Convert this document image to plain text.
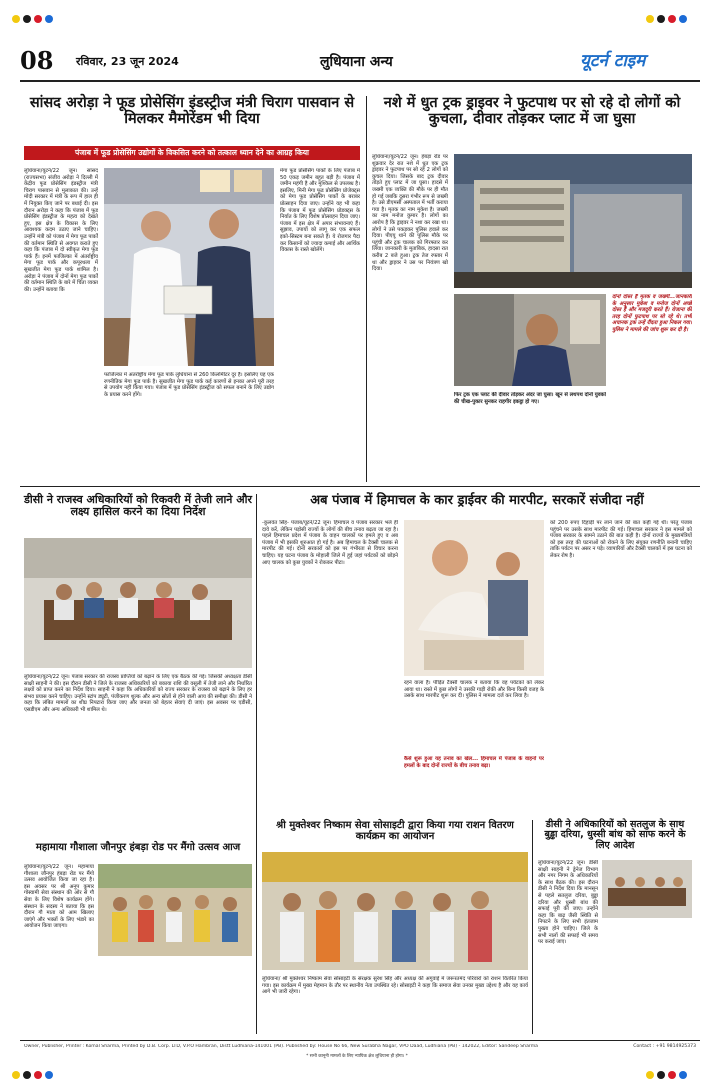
08 रविवार, 23 जून 2024	लुधियाना अन्य	यूटर्न टाइम
सांसद अरोड़ा ने फूड प्रोसेसिंग इंडस्ट्रीज मंत्री चिराग पासवान से मिलकर मैमोरेंडम भी दिया
पंजाब में फूड प्रोसेसिंग उद्योगों के विकसित करने को तत्काल ध्यान देने का आग्रह किया
लुधियाना/यूटर्न/22 जून। सांसद (राज्यसभा) संजीव अरोड़ा ने दिल्ली में केंद्रीय फूड प्रोसेसिंग इंडस्ट्रीज मंत्री चिराग पासवान से मुलाकात की। उन्हें मोदी सरकार में मंत्री के रूप में हाल ही में नियुक्त किए जाने पर बधाई दी। इस दौरान अरोड़ा ने कहा कि पंजाब में फूड प्रोसेसिंग इंडस्ट्रीज के महत्व को देखते हुए, इस क्षेत्र के विकास के लिए आवश्यक कदम उठाए जाने चाहिए। उन्होंने मंत्री को पंजाब में मेगा फूड पार्कों की वर्तमान स्थिति से अवगत कराते हुए कहा कि पंजाब में दो स्वीकृत मेगा फूड पार्क हैं। इनमें फाजिल्का में अंतर्राष्ट्रीय मेगा फूड पार्क और कपूरथला में सुखजीत मेगा फूड पार्क शामिल है। अरोड़ा ने पंजाब में दोनों मेगा फूड पार्कों की वर्तमान स्थिति के बारे में चिंता व्यक्त की। उन्होंने बताया कि
मेगा फूड प्रोसेसिंग पार्कों के लिए पंजाब में 50 एकड़ जमीन बहुत बड़ी है। पंजाब में जमीन महंगी है और मुश्किल से उपलब्ध है। इसलिए, मिनी मेगा फूड प्रोसेसिंग प्रोजेक्ट्स को मेगा फूड प्रोसेसिंग पार्कों के बराबर प्रोत्साहन दिया जाए। उन्होंने यह भी कहा कि पंजाब में फूड प्रोसेसिंग प्रोडक्ट्स के निर्यात के लिए विशेष प्रोत्साहन दिया जाए। पंजाब में इस क्षेत्र में अपार संभावनाएं हैं। सुझाव, उपायों को लागू कर एक सफल इको-सिस्टम बना सकते हैं। ये रोजगार पैदा कर किसानों को ज्यादा कमाई और आर्थिक विकास के रास्ते खोलेंगे।
फाजिल्का में अंतर्राष्ट्रीय मेगा फूड पार्क लुधियाना से 260 किलोमीटर दूर है। इसलिए यह एक रणनीतिक मेगा फूड पार्क है। सुखजीत मेगा फूड पार्क कई कारणों से इनका अपने पूरी तरह से उपयोग नहीं किया गया। पंजाब में फूड प्रोसेसिंग इंडस्ट्रीज को सफल बनाने के लिए उद्योग के प्रयास करने होंगे।
नशे में धुत ट्रक ड्राइवर ने फुटपाथ पर सो रहे दो लोगों को कुचला, दीवार तोड़कर प्लाट में जा घुसा
लुधियाना/यूटर्न/22 जून। हंबड़ा रोड पर शुक्रवार देर रात नशे में धुत एक ट्रक ड्राइवर ने फुटपाथ पर सो रहे 2 लोगों को कुचल दिया। जिसके बाद ट्रक दीवार तोड़ते हुए प्लाट में जा घुसा। हादसे में जख्मी एक व्यक्ति की मौके पर ही मौत हो गई जबकि दूसरा गंभीर रूप से जख्मी है। उसे डीएमसी अस्पताल में भर्ती कराया गया है। मृतक का नाम मुकेश है। जख्मी का नाम मनोज कुमार है। लोगों का आरोप है कि ड्राइवर ने नशा कर रखा था। लोगों ने उसे पकड़कर पुलिस हवाले कर दिया। पीएयू थाने की पुलिस मौके पर पहुंची और ट्रक चालक को गिरफ्तार कर लिया। जानकारी के मुताबिक, हादसा रात करीब 2 बजे हुआ। ट्रक तेज रफ्तार में था और ड्राइवर ने उस पर नियंत्रण खो दिया।
फिर ट्रक एक प्लाट की दीवार तोड़कर अंदर जा घुसा। खून से लथपथ दोनों युवकों की चीख-पुकार सुनकर राहगीर इकट्ठा हो गए।
दोनों दोस्त हैं मृतक व जख्मी...जानकारी के अनुसार मुकेश व मनोज दोनों अच्छे दोस्त हैं और मजदूरी करते हैं। रोजाना की तरह दोनों फुटपाथ पर सो रहे थे। तभी अचानक ट्रक उन्हें रौंदता हुआ निकल गया। पुलिस ने मामले की जांच शुरू कर दी है।
डीसी ने राजस्व अधिकारियों को रिकवरी में तेजी लाने और लक्ष्य हासिल करने का दिया निर्देश
लुधियाना/यूटर्न/22 जून। पंजाब सरकार की राजस्व प्राप्तियों को बढ़ाने के लिए एक बैठक की गई। जिसकी अध्यक्षता डीसी साक्षी साहनी ने की। इस दौरान डीसी ने जिले के राजस्व अधिकारियों को बकाया राशि की वसूली में तेजी लाने और निर्धारित लक्ष्यों को प्राप्त करने का निर्देश दिया। साहनी ने कहा कि अधिकारियों को राज्य सरकार के राजस्व को बढ़ाने के लिए हर संभव प्रयास करने चाहिए। उन्होंने स्टांप ड्यूटी, पंजीकरण शुल्क और अन्य स्रोतों से होने वाली आय की समीक्षा की। डीसी ने कहा कि लंबित मामलों का शीघ्र निपटारा किया जाए और जनता को बेहतर सेवाएं दी जाएं। इस अवसर पर एडीसी, एसडीएम और अन्य अधिकारी भी शामिल थे।
अब पंजाब में हिमाचल के कार ड्राईवर की मारपीट, सरकारें संजीदा नहीं
-कुलवंत सिंह- पंजाब/यूटर्न/22 जून। हिमाचल व पंजाब सरकार भले ही दावे करें, लेकिन पड़ोसी राज्यों के लोगों की बीच तनाव बढ़ता जा रहा है। पहले हिमाचल प्रदेश में पंजाब के वाहन चालकों पर हमले हुए व अब पंजाब में भी इसकी शुरुआत हो गई है। अब हिमाचल के टैक्सी चालक से मारपीट की गई। दोनों सरकारों को इस पर गंभीरता से विचार करना चाहिए। यह घटना पंजाब के मोहाली जिले में हुई जहां पर्यटकों को छोड़ने आए चालक को कुछ युवकों ने रोककर पीटा।
रहने वाला है। पीड़ित टैक्सी चालक ने बताया कि वह पर्यटकों को लेकर आया था। रास्ते में कुछ लोगों ने उसकी गाड़ी रोकी और बिना किसी वजह के उसके साथ मारपीट शुरू कर दी। पुलिस ने मामला दर्ज कर लिया है।
कैसे शुरू हुआ यह तनाव का खेल... हिमाचल में पंजाब के वाहनों पर हमलों के बाद दोनों राज्यों के बीच तनाव बढ़ा।
को 200 रुपए दिहाड़ी पर लाने जाने की बात कही गई थी। परंतु पंजाब पहुंचने पर उसके साथ मारपीट की गई। हिमाचल सरकार ने इस मामले को पंजाब सरकार के सामने उठाने की बात कही है। दोनों राज्यों के मुख्यमंत्रियों को इस तरह की घटनाओं को रोकने के लिए संयुक्त रणनीति बनानी चाहिए ताकि पर्यटन पर असर न पड़े। व्यापारियों और टैक्सी चालकों में इस घटना को लेकर रोष है।
महामाया गौशाला जौनपुर हंबड़ा रोड पर मैंगो उत्सव आज
लुधियाना/यूटर्न/22 जून। महामाया गौशाला जौनपुर हंबड़ा रोड पर मैंगो उत्सव आयोजित किया जा रहा है। इस अवसर पर श्री अनूप कुमार गोस्वामी सेवा संस्थान की ओर से गौ सेवा के लिए विशेष कार्यक्रम होंगे। संस्थान के सदस्य ने बताया कि इस दौरान गौ माता को आम खिलाए जाएंगे और भक्तों के लिए भंडारे का आयोजन किया जाएगा।
श्री मुक्तेश्वर निष्काम सेवा सोसाइटी द्वारा किया गया राशन वितरण कार्यक्रम का आयोजन
लुधियाना/ श्री मुक्तेश्वर निष्काम सेवा सोसाइटी के संरक्षक सुरेश सिंह और अध्यक्ष की अगुवाई में जरूरतमंद परिवारों को राशन वितरित किया गया। इस कार्यक्रम में मुख्य मेहमान के तौर पर स्थानीय नेता उपस्थित रहे। सोसाइटी ने कहा कि समाज सेवा उनका मुख्य उद्देश्य है और यह कार्य आगे भी जारी रहेगा।
डीसी ने अधिकारियों को सतलुज के साथ बुड्ढा दरिया, धुस्सी बांध को साफ करने के लिए आदेश
लुधियाना/यूटर्न/22 जून। डीसी साक्षी साहनी ने ड्रेनेज विभाग और नगर निगम के अधिकारियों के साथ बैठक की। इस दौरान डीसी ने निर्देश दिया कि मानसून से पहले सतलुज दरिया, बुड्ढा दरिया और धुस्सी बांध की सफाई पूरी की जाए। उन्होंने कहा कि बाढ़ जैसी स्थिति से निपटने के लिए सभी इंतजाम पुख्ता होने चाहिए। जिले के सभी नालों की सफाई भी समय पर कराई जाए।
Owner, Publisher, Printer : Komal Sharma, Printed by D.B. Corp. LTD, V.P.O Hambran, Distt Ludhiana-141001 (PB). Published by: House No 66, New Surabha Nagar, VPO Daad, Ludhiana (PB) - 142022, Editor: Sandeep Sharma	Contact : +91 9814925373
* सभी कानूनी मामलों के लिए न्यायिक क्षेत्र लुधियाना ही होगा। *
